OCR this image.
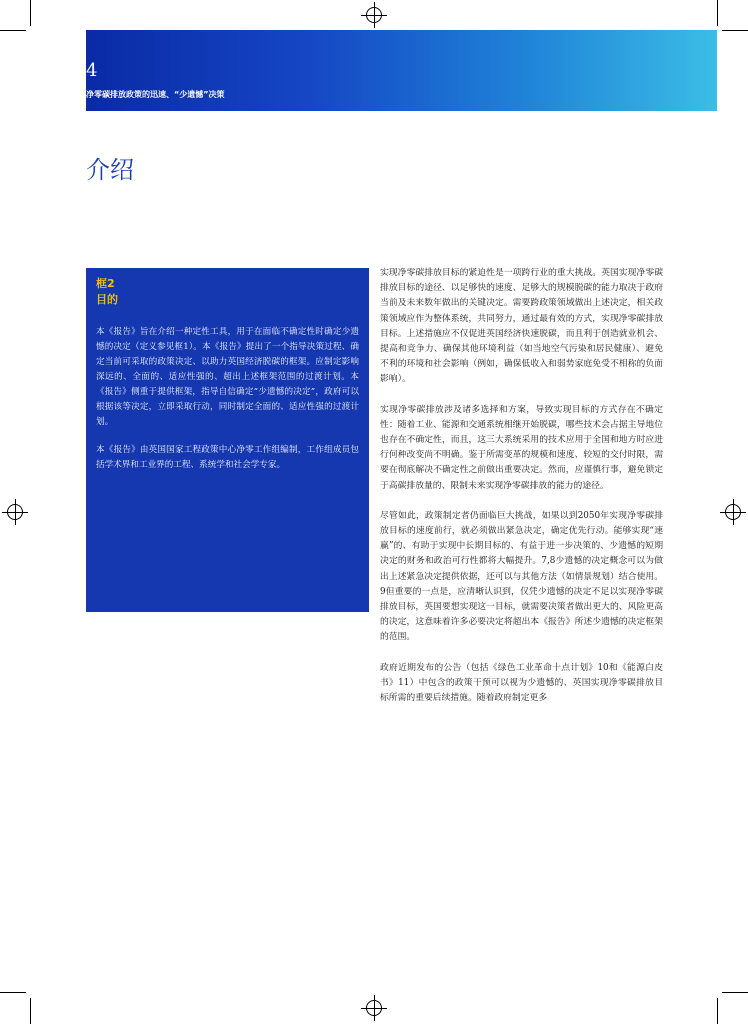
4
净零碳排放政策的迅速、“少遗憾”决策
介绍
框2
目的

本《报告》旨在介绍一种定性工具，用于在面临不确定性时确定少遗憾的决定（定义参见框1）。本《报告》提出了一个指导决策过程、确定当前可采取的政策决定、以助力英国经济脱碳的框架。应制定影响深远的、全面的、适应性强的、超出上述框架范围的过渡计划。本《报告》侧重于提供框架，指导自信确定“少遗憾的决定”，政府可以根据该等决定，立即采取行动，同时制定全面的、适应性强的过渡计划。

本《报告》由英国国家工程政策中心净零工作组编制，工作组成员包括学术界和工业界的工程、系统学和社会学专家。

实现净零碳排放目标的紧迫性是一项跨行业的重大挑战。英国实现净零碳排放目标的途径、以足够快的速度、足够大的规模脱碳的能力取决于政府当前及未来数年做出的关键决定。需要跨政策领域做出上述决定，相关政策领域应作为整体系统，共同努力，通过最有效的方式，实现净零碳排放目标。上述措施应不仅促进英国经济快速脱碳，而且利于创造就业机会、提高和竞争力、确保其他环境利益（如当地空气污染和居民健康）、避免不利的环境和社会影响（例如，确保低收入和弱势家庭免受不相称的负面影响）。

实现净零碳排放涉及诸多选择和方案，导致实现目标的方式存在不确定性：随着工业、能源和交通系统相继开始脱碳，哪些技术会占据主导地位也存在不确定性，而且，这三大系统采用的技术应用于全国和地方时应进行何种改变尚不明确。鉴于所需变革的规模和速度、较短的交付时限，需要在彻底解决不确定性之前做出重要决定。然而，应谨慎行事，避免锁定于高碳排放量的、限制未来实现净零碳排放的能力的途径。

尽管如此，政策制定者仍面临巨大挑战，如果以到2050年实现净零碳排放目标的速度前行，就必须做出紧急决定，确定优先行动。能够实现“速赢”的、有助于实现中长期目标的、有益于进一步决策的、少遗憾的短期决定的财务和政治可行性都将大幅提升。7,8少遗憾的决定概念可以为做出上述紧急决定提供依据，还可以与其他方法（如情景规划）结合使用。9但重要的一点是，应清晰认识到，仅凭少遗憾的决定不足以实现净零碳排放目标，英国要想实现这一目标，就需要决策者做出更大的、风险更高的决定，这意味着许多必要决定将超出本《报告》所述少遗憾的决定框架的范围。

政府近期发布的公告（包括《绿色工业革命十点计划》10和《能源白皮书》11）中包含的政策干预可以视为少遗憾的、英国实现净零碳排放目标所需的重要后续措施。随着政府制定更多
